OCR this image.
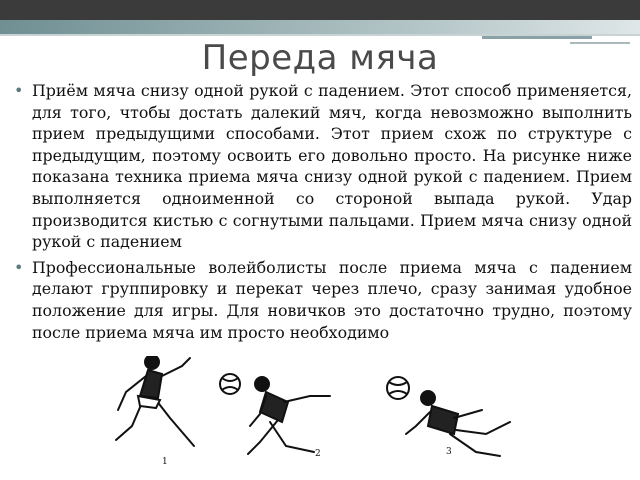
Переда мяча
• Приём мяча снизу одной рукой с падением. Этот способ применяется, для того, чтобы достать далекий мяч, когда невозможно выполнить прием предыдущими способами. Этот прием схож по структуре с предыдущим, поэтому освоить его довольно просто. На рисунке ниже показана техника приема мяча снизу одной рукой с падением. Прием выполняется одноименной со стороной выпада рукой. Удар производится кистью с согнутыми пальцами. Прием мяча снизу одной рукой с падением
• Профессиональные волейболисты после приема мяча с падением делают группировку и перекат через плечо, сразу занимая удобное положение для игры. Для новичков это достаточно трудно, поэтому после приема мяча им просто необходимо
1
2	3
